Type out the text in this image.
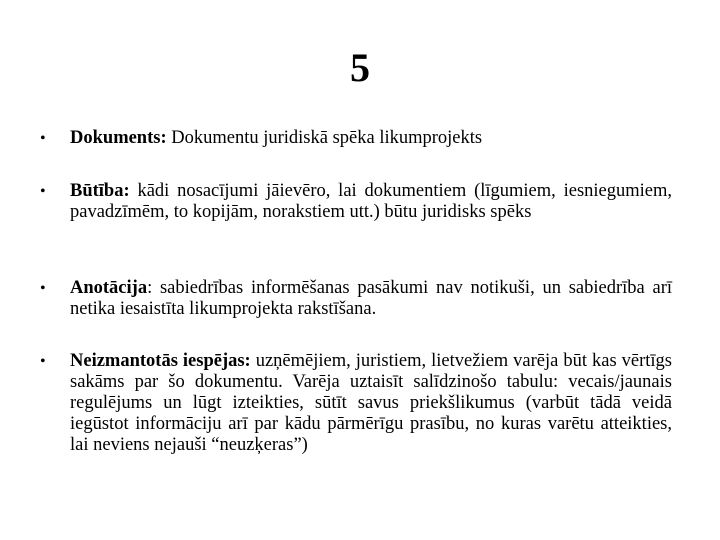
5
•	Dokuments: Dokumentu juridiskā spēka likumprojekts
•	Būtība: kādi nosacījumi jāievēro, lai dokumentiem (līgumiem, iesniegumiem, pavadzīmēm, to kopijām, norakstiem utt.) būtu juridisks spēks
•	Anotācija: sabiedrības informēšanas pasākumi nav notikuši, un sabiedrība arī netika iesaistīta likumprojekta rakstīšana.
•	Neizmantotās iespējas: uzņēmējiem, juristiem, lietvežiem varēja būt kas vērtīgs sakāms par šo dokumentu. Varēja uztaisīt salīdzinošo tabulu: vecais/jaunais regulējums un lūgt izteikties, sūtīt savus priekšlikumus (varbūt tādā veidā iegūstot informāciju arī par kādu pārmērīgu prasību, no kuras varētu atteikties, lai neviens nejauši “neuzķeras”)
